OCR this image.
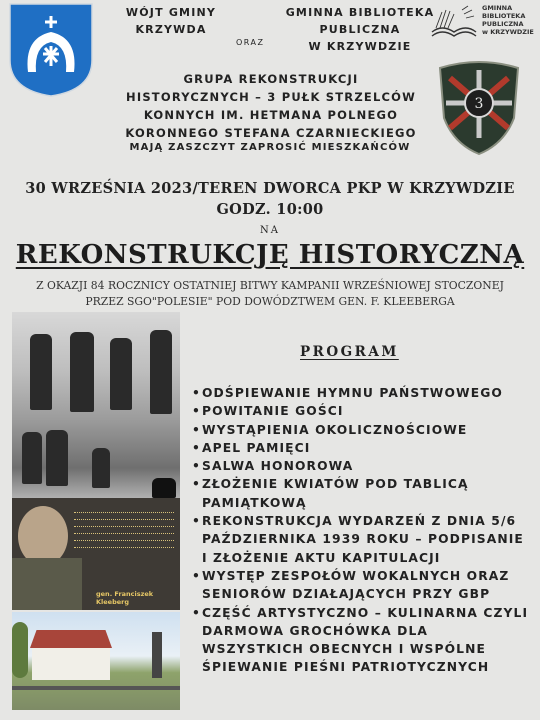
WÓJT GMINY
KRZYWDA
ORAZ
GMINNA BIBLIOTEKA
PUBLICZNA
W KRZYWDZIE
GMINNA
BIBLIOTEKA
PUBLICZNA
w KRZYWDZIE
GRUPA REKONSTRUKCJI
HISTORYCZNYCH – 3 PUŁK STRZELCÓW
KONNYCH IM. HETMANA POLNEGO
KORONNEGO STEFANA CZARNIECKIEGO
3
MAJĄ ZASZCZYT ZAPROSIĆ MIESZKAŃCÓW
30 WRZEŚNIA 2023/TEREN DWORCA PKP W KRZYWDZIE
GODZ. 10:00
NA
REKONSTRUKCJĘ HISTORYCZNĄ
Z OKAZJI 84 ROCZNICY OSTATNIEJ BITWY KAMPANII WRZEŚNIOWEJ STOCZONEJ
PRZEZ SGO"POLESIE" POD DOWÓDZTWEM GEN. F. KLEEBERGA
gen. Franciszek Kleeberg
PROGRAM
• ODŚPIEWANIE HYMNU PAŃSTWOWEGO
• POWITANIE GOŚCI
• WYSTĄPIENIA OKOLICZNOŚCIOWE
• APEL PAMIĘCI
• SALWA HONOROWA
• ZŁOŻENIE KWIATÓW POD TABLICĄ PAMIĄTKOWĄ
• REKONSTRUKCJA WYDARZEŃ Z DNIA 5/6 PAŹDZIERNIKA 1939 ROKU – PODPISANIE I ZŁOŻENIE AKTU KAPITULACJI
• WYSTĘP ZESPOŁÓW WOKALNYCH ORAZ SENIORÓW DZIAŁAJĄCYCH PRZY GBP
• CZĘŚĆ ARTYSTYCZNO – KULINARNA CZYLI DARMOWA GROCHÓWKA DLA WSZYSTKICH OBECNYCH I WSPÓLNE ŚPIEWANIE PIEŚNI PATRIOTYCZNYCH
